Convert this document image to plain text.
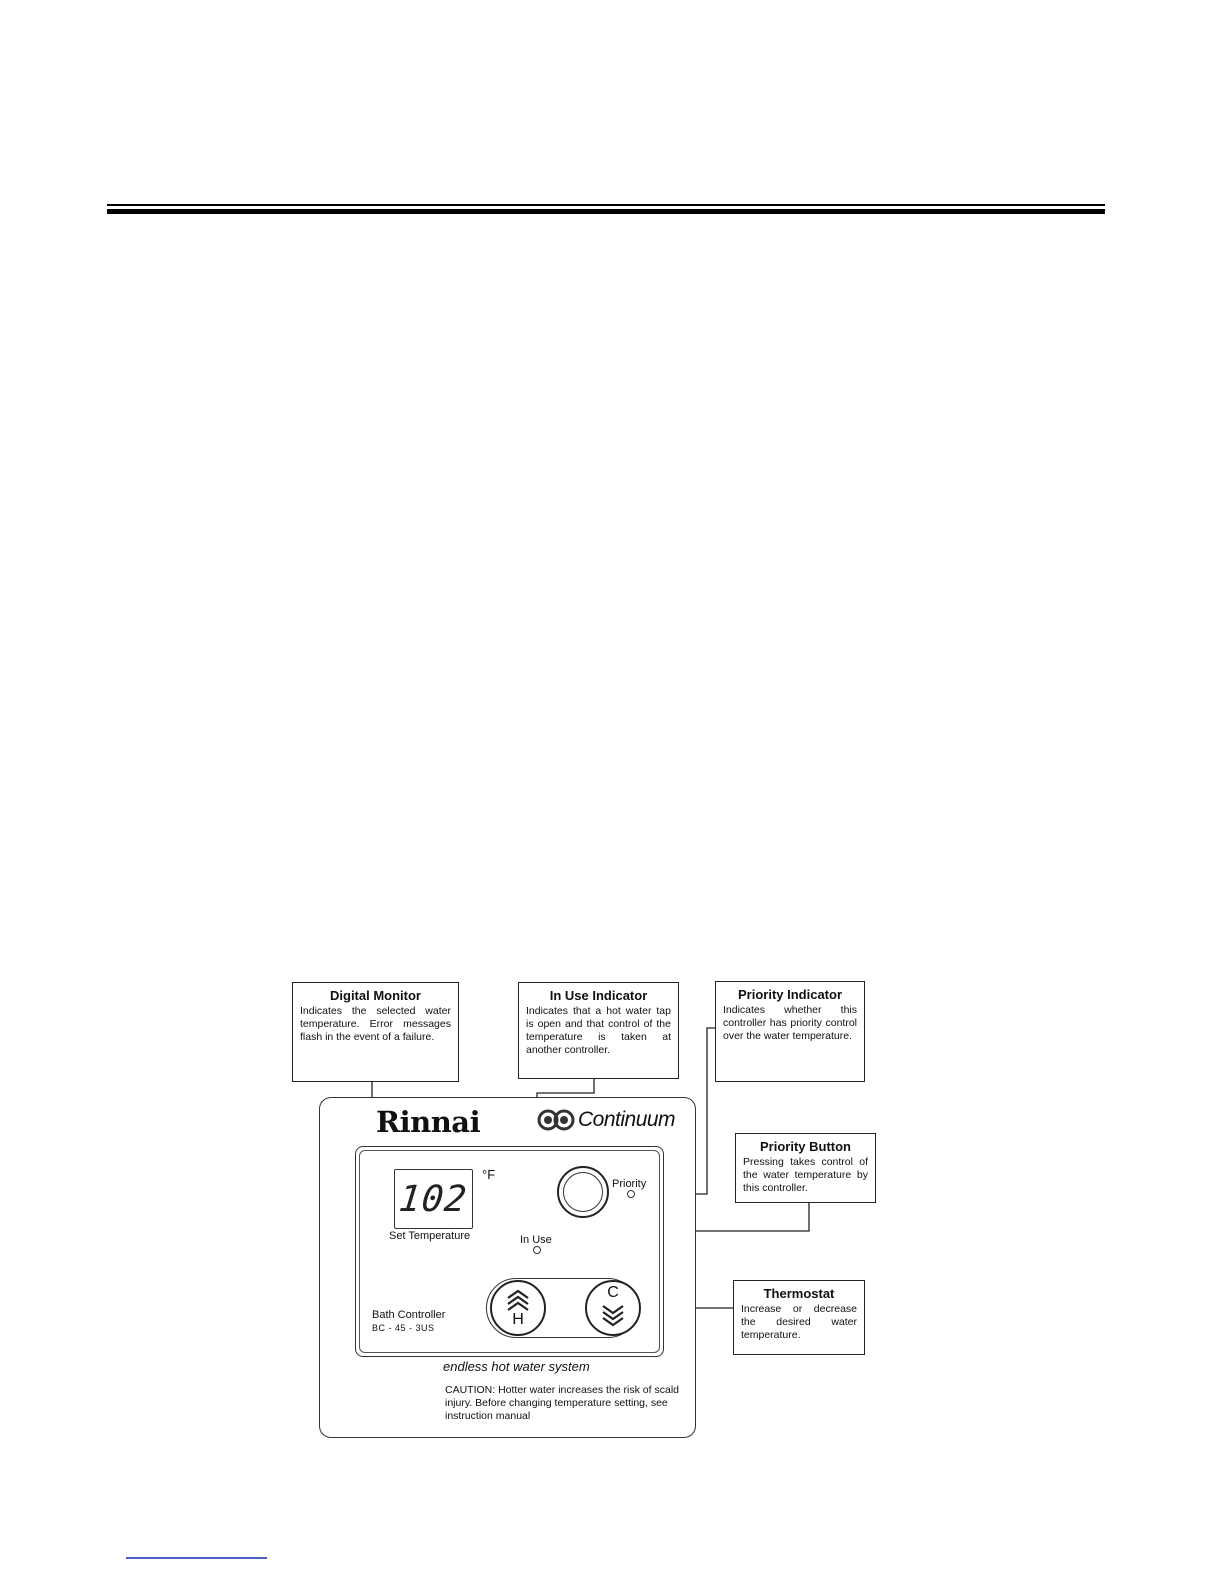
Digital Monitor
Indicates the selected water temperature. Error messages flash in the event of a failure.
In Use Indicator
Indicates that a hot water tap is open and that control of the temperature is taken at another controller.
Priority Indicator
Indicates whether this controller has priority control over the water temperature.
Priority Button
Pressing takes control of the water temperature by this controller.
Thermostat
Increase or decrease the desired water temperature.
Rinnai	Continuum
102
°F
Set Temperature	In Use
Priority
H
C
Bath Controller
BC - 45 - 3US
endless hot water system
CAUTION: Hotter water increases the risk of scald injury. Before changing temperature setting, see instruction manual
